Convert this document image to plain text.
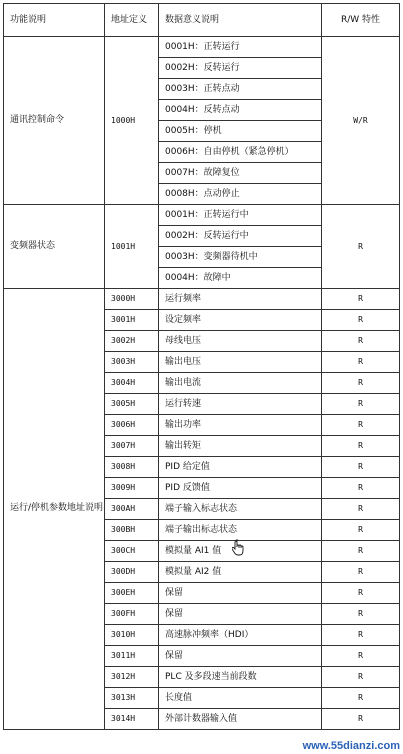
功能说明	地址定义	数据意义说明	R/W 特性
通讯控制命令	1000H	0001H：正转运行	W/R
		0002H：反转运行	
		0003H：正转点动	
		0004H：反转点动	
		0005H：停机	
		0006H：自由停机（紧急停机）	
		0007H：故障复位	
		0008H：点动停止	
变频器状态	1001H	0001H：正转运行中	R
		0002H：反转运行中	
		0003H：变频器待机中	
		0004H：故障中	
运行/停机参数地址说明	3000H	运行频率	R
	3001H	设定频率	R
	3002H	母线电压	R
	3003H	输出电压	R
	3004H	输出电流	R
	3005H	运行转速	R
	3006H	输出功率	R
	3007H	输出转矩	R
	3008H	PID 给定值	R
	3009H	PID 反馈值	R
	300AH	端子输入标志状态	R
	300BH	端子输出标志状态	R
	300CH	模拟量 AI1 值	R
	300DH	模拟量 AI2 值	R
	300EH	保留	R
	300FH	保留	R
	3010H	高速脉冲频率（HDI）	R
	3011H	保留	R
	3012H	PLC 及多段速当前段数	R
	3013H	长度值	R
	3014H	外部计数器输入值	R
www.55dianzi.com
